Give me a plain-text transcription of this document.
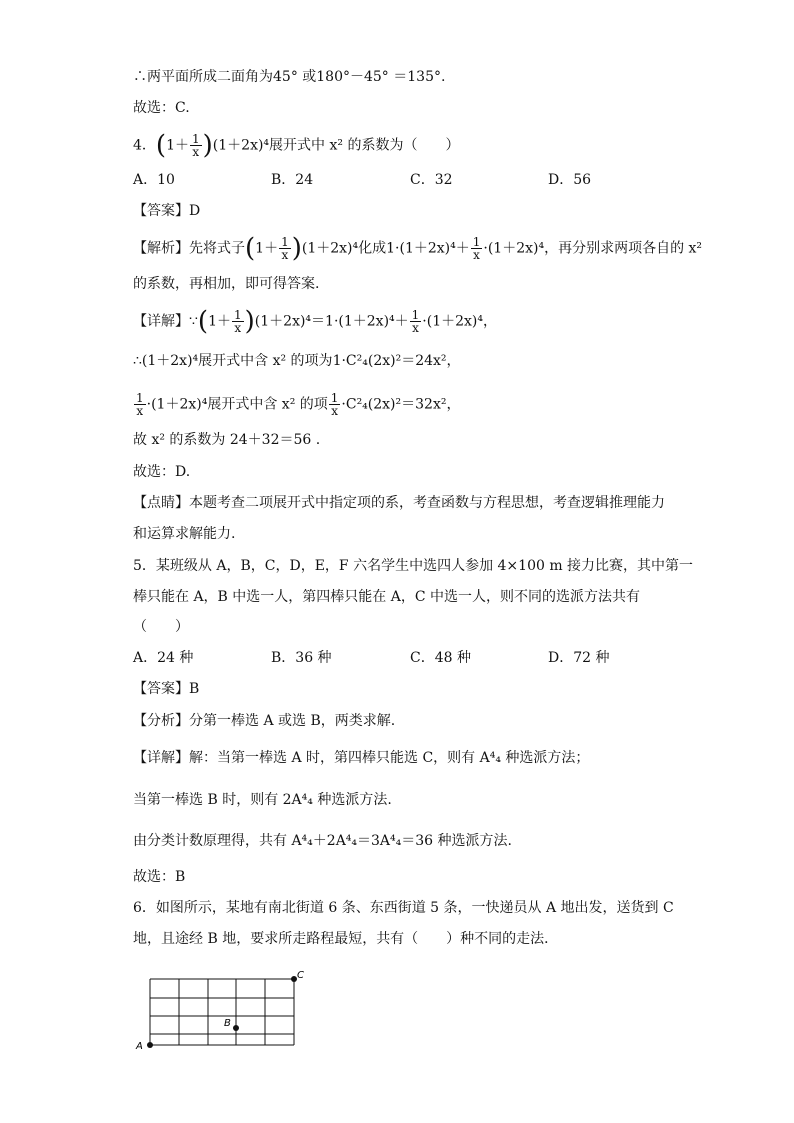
∴两平面所成二面角为45° 或180°－45° ＝135°.
故选：C.
4．$(1+ \frac{1}{x} )(1+2x)^4$展开式中 x² 的系数为（　　）
A．10	B．24	C．32	D．56
【答案】D
【解析】先将式子$(1+ \frac{1}{x} )(1+2x)^4$化成$1\cdot(1+2x)^4+ \frac{1}{x} \cdot(1+2x)^4$，再分别求两项各自的 x²
的系数，再相加，即可得答案.
【详解】∵(1＋ $\frac{1}{x} )(1+2x)^4=1\cdot(1+2x)^4+ \frac{1}{x} \cdot(1+2x)^4$，
∴(1＋2x)⁴展开式中含 x² 的项为1·C²₄(2x)²＝24x²，
$\frac{1}{x} \cdot(1+2x)^4$展开式中含 x² 的项 $\frac{1}{x} \cdot C^2_4(2x)^2=32x^2$，
故 x² 的系数为 24＋32＝56 .
故选：D.
【点睛】本题考查二项展开式中指定项的系，考查函数与方程思想，考查逻辑推理能力
和运算求解能力.
5．某班级从 A，B，C，D，E，F 六名学生中选四人参加 4×100 m 接力比赛，其中第一
棒只能在 A，B 中选一人，第四棒只能在 A，C 中选一人，则不同的选派方法共有
（　　）
A．24 种	B．36 种	C．48 种	D．72 种
【答案】B
【分析】分第一棒选 A 或选 B，两类求解.
【详解】解：当第一棒选 A 时，第四棒只能选 C，则有 A⁴₄ 种选派方法；
当第一棒选 B 时，则有 2A⁴₄ 种选派方法.
由分类计数原理得，共有 A⁴₄＋2A⁴₄＝3A⁴₄＝36 种选派方法.
故选：B
6．如图所示，某地有南北街道 6 条、东西街道 5 条，一快递员从 A 地出发，送货到 C
地，且途经 B 地，要求所走路程最短，共有（　　）种不同的走法．
A
B
C
